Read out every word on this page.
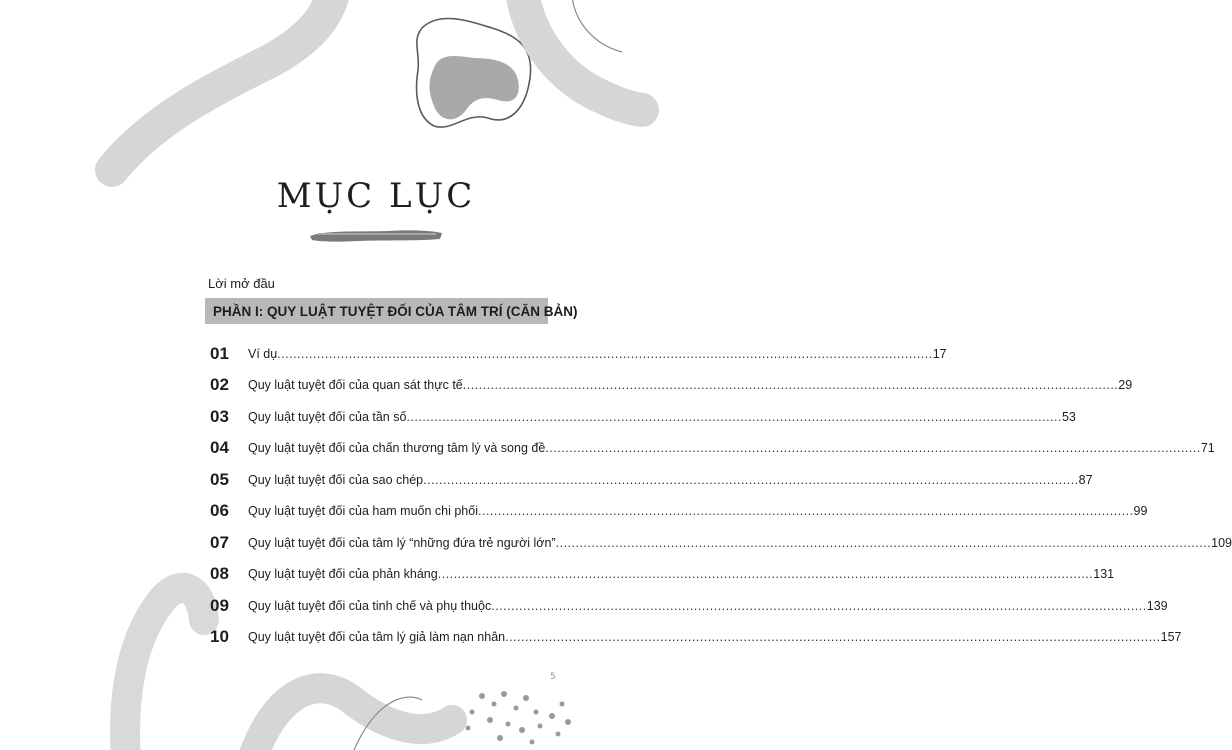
MỤC LỤC
Lời mở đầu
PHẦN I: QUY LUẬT TUYỆT ĐỐI CỦA TÂM TRÍ (CĂN BẢN)
01	Ví dụ .....	17
02	Quy luật tuyệt đối của quan sát thực tế .....	29
03	Quy luật tuyệt đối của tần số .....	53
04	Quy luật tuyệt đối của chấn thương tâm lý và song đề .....	71
05	Quy luật tuyệt đối của sao chép .....	87
06	Quy luật tuyệt đối của ham muốn chi phối .....	99
07	Quy luật tuyệt đối của tâm lý “những đứa trẻ người lớn” .....	109
08	Quy luật tuyệt đối của phản kháng .....	131
09	Quy luật tuyệt đối của tinh chế và phụ thuộc .....	139
10	Quy luật tuyệt đối của tâm lý giả làm nạn nhân .....	157
5
